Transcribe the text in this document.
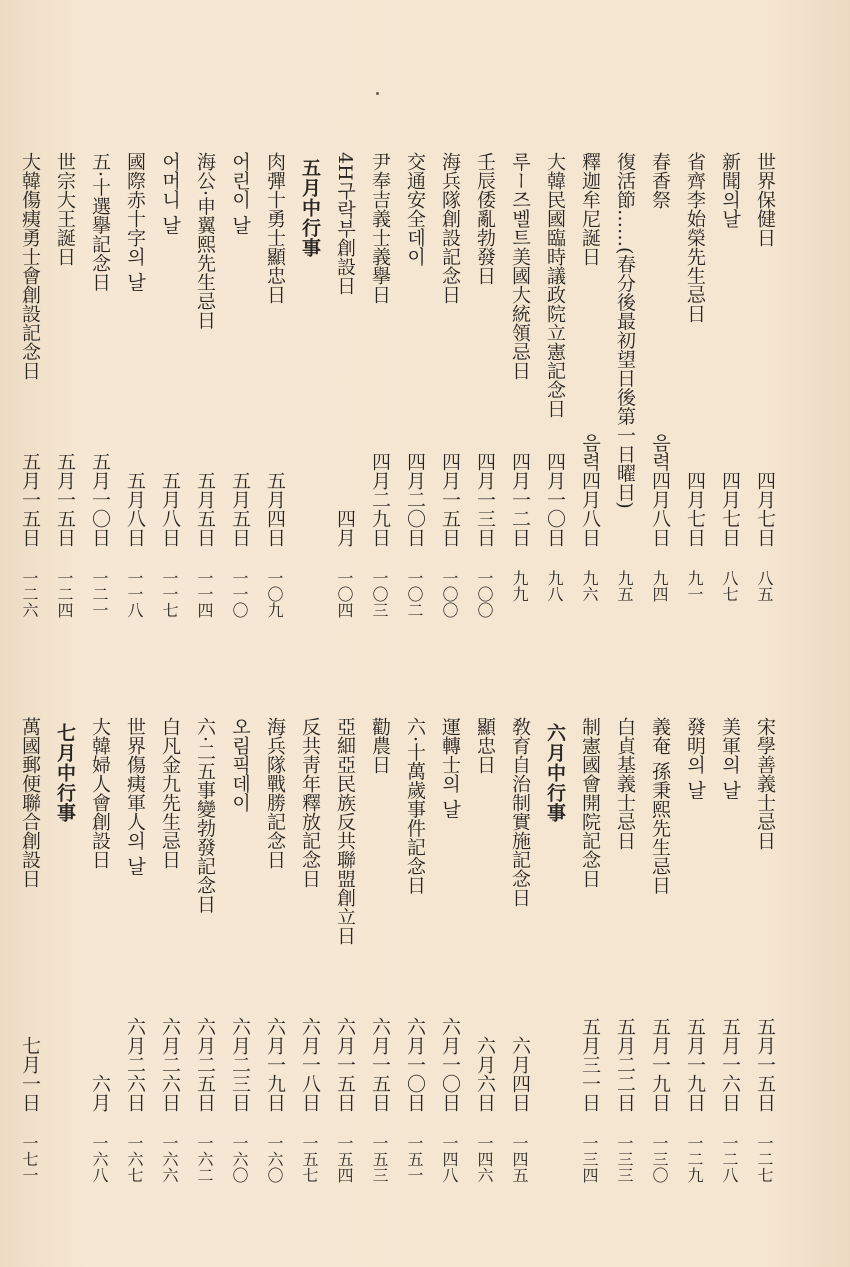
世界保健日
四月七日
八五
新聞의날
四月七日
八七
省齊李始榮先生忌日
四月七日
九一
春香祭
음력四月八日
九四
復活節……(春分後最初望日後第一日曜日)
九五
釋迦牟尼誕日
음력四月八日
九六
大韓民國臨時議政院立憲記念日
四月一〇日
九八
루ー즈벨트美國大統領忌日
四月一二日
九九
壬辰倭亂勃發日
四月一三日
一〇〇
海兵隊創設記念日
四月一五日
一〇〇
交通安全데이
四月二〇日
一〇二
尹奉吉義士義擧日
四月二九日
一〇三
4H구락부創設日
四月
一〇四
五月中行事
肉彈十勇士顯忠日
五月四日
一〇九
어린이 날
五月五日
一一〇
海公·申翼熙先生忌日
五月五日
一一四
어머니 날
五月八日
一一七
國際赤十字의 날
五月八日
一一八
五·十選擧記念日
五月一〇日
一二一
世宗大王誕日
五月一五日
一二四
大韓傷痍勇士會創設記念日
五月一五日
一二六
宋學善義士忌日
五月一五日
一二七
美軍의 날
五月一六日
一二八
發明의 날
五月一九日
一二九
義奄 孫秉熙先生忌日
五月一九日
一三〇
白貞基義士忌日
五月二二日
一三三
制憲國會開院記念日
五月三一日
一三四
六月中行事
敎育自治制實施記念日
六月四日
一四五
顯忠日
六月六日
一四六
運轉士의 날
六月一〇日
一四八
六·十萬歲事件記念日
六月一〇日
一五一
勸農日
六月一五日
一五三
亞細亞民族反共聯盟創立日
六月一五日
一五四
反共靑年釋放記念日
六月一八日
一五七
海兵隊戰勝記念日
六月一九日
一六〇
오림픽데이
六月二三日
一六〇
六·二五事變勃發記念日
六月二五日
一六二
白凡金九先生忌日
六月二六日
一六六
世界傷痍軍人의 날
六月二六日
一六七
大韓婦人會創設日
六月
一六八
七月中行事
萬國郵便聯合創設日
七月一日
一七一
